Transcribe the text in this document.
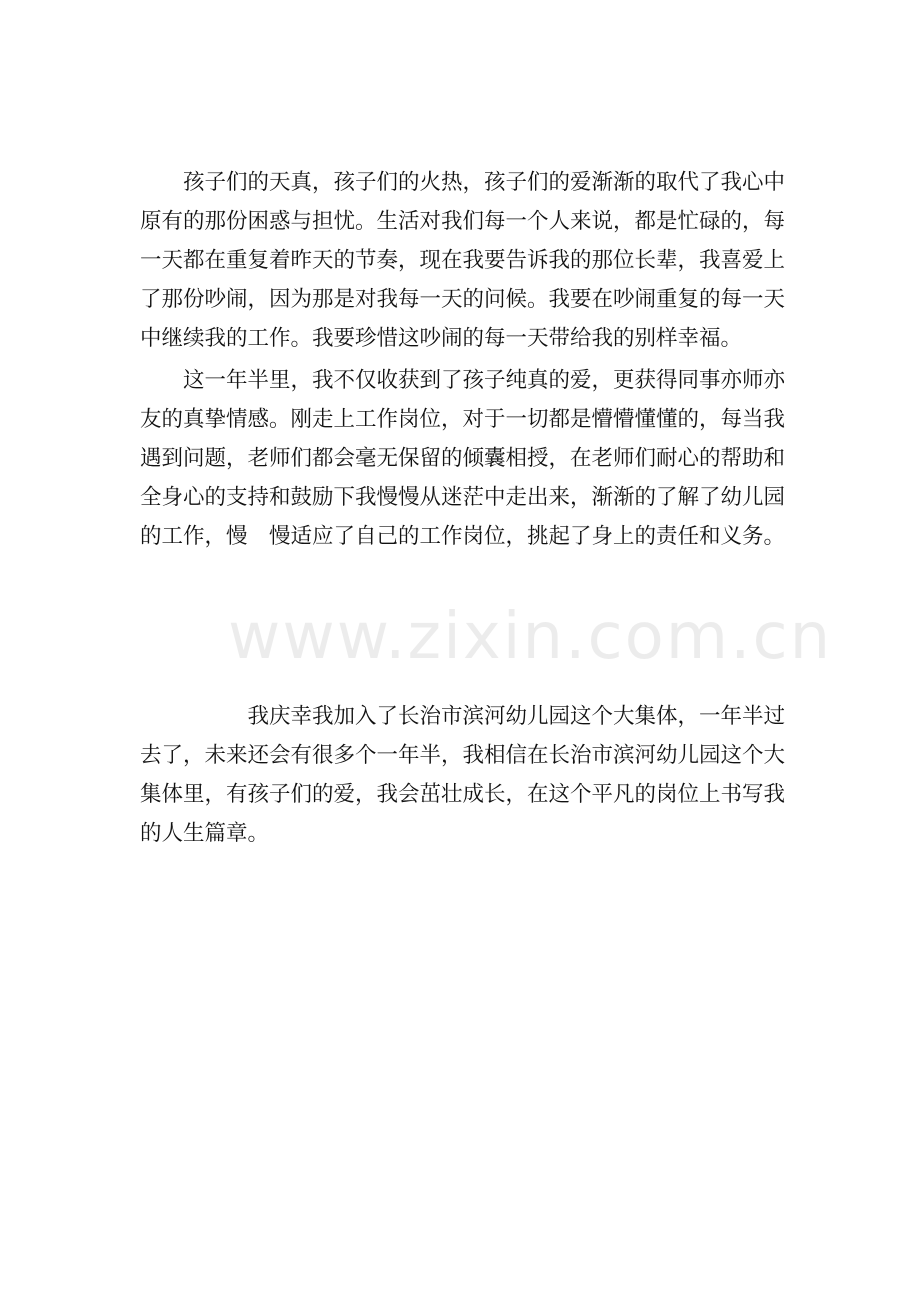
　　孩子们的天真，孩子们的火热，孩子们的爱渐渐的取代了我心中
原有的那份困惑与担忧。生活对我们每一个人来说，都是忙碌的，每
一天都在重复着昨天的节奏，现在我要告诉我的那位长辈，我喜爱上
了那份吵闹，因为那是对我每一天的问候。我要在吵闹重复的每一天
中继续我的工作。我要珍惜这吵闹的每一天带给我的别样幸福。
　　这一年半里，我不仅收获到了孩子纯真的爱，更获得同事亦师亦
友的真挚情感。刚走上工作岗位，对于一切都是懵懵懂懂的，每当我
遇到问题，老师们都会毫无保留的倾囊相授，在老师们耐心的帮助和
全身心的支持和鼓励下我慢慢从迷茫中走出来，渐渐的了解了幼儿园
的工作，慢　慢适应了自己的工作岗位，挑起了身上的责任和义务。
　　　　　我庆幸我加入了长治市滨河幼儿园这个大集体，一年半过
去了，未来还会有很多个一年半，我相信在长治市滨河幼儿园这个大
集体里，有孩子们的爱，我会茁壮成长，在这个平凡的岗位上书写我
的人生篇章。
www.zixin.com.cn
